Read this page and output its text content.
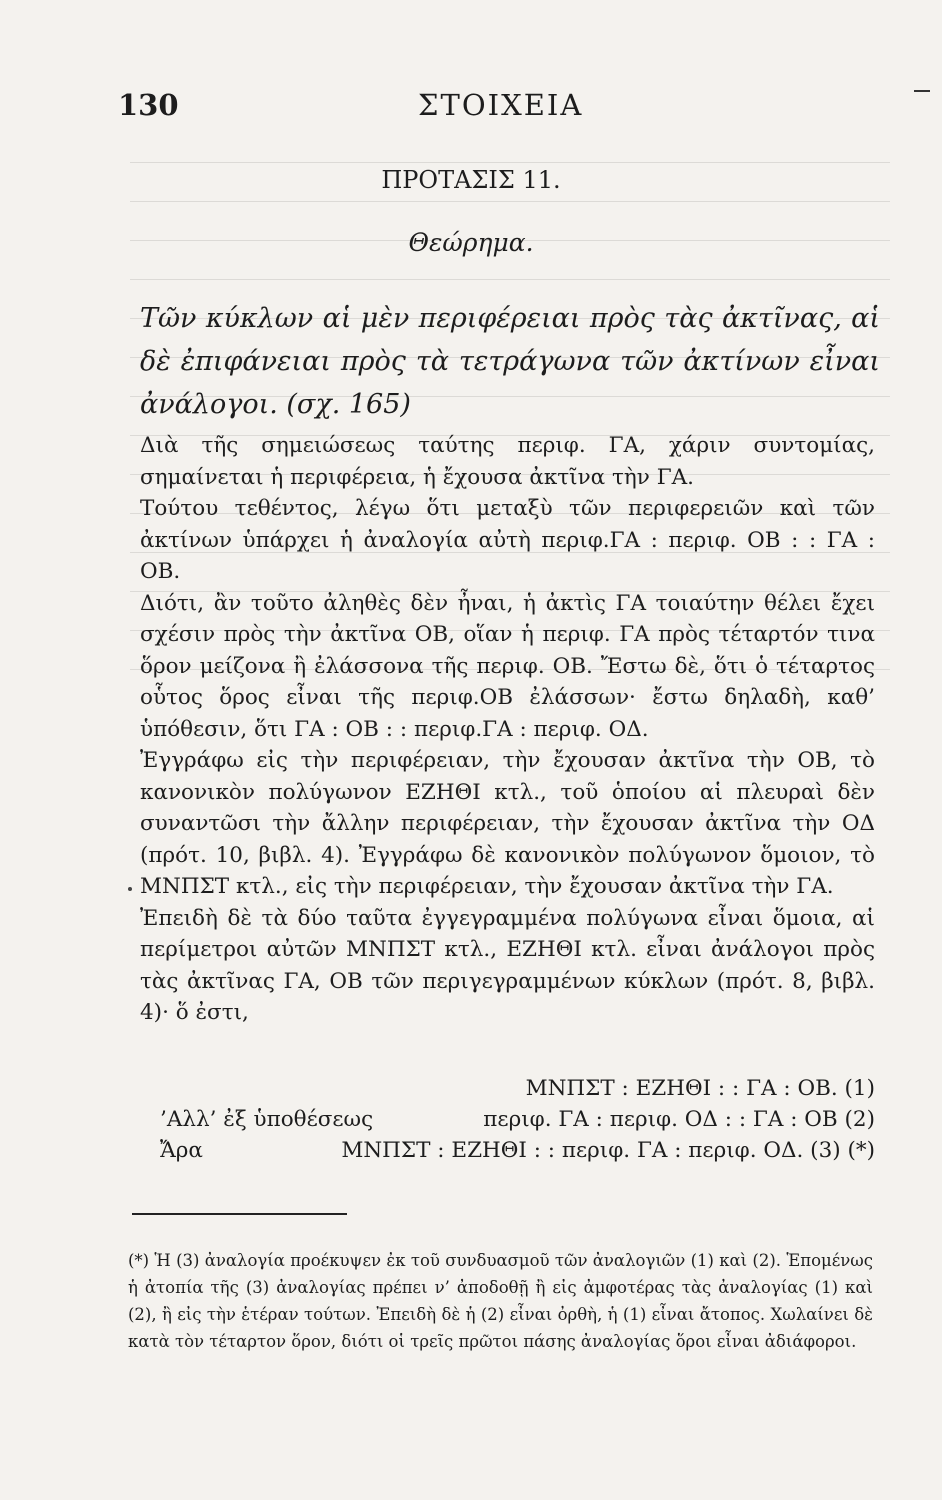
130	ΣΤΟΙΧΕΙΑ
ΠΡΟΤΑΣΙΣ 11.
Θεώρημα.
Τῶν κύκλων αἱ μὲν περιφέρειαι πρὸς τὰς ἀκτῖνας, αἱ δὲ ἐπιφάνειαι πρὸς τὰ τετράγωνα τῶν ἀκτίνων εἶναι ἀνάλογοι. (σχ. 165)

Διὰ τῆς σημειώσεως ταύτης περιφ. ΓΑ, χάριν συντομίας, σημαίνεται ἡ περιφέρεια, ἡ ἔχουσα ἀκτῖνα τὴν ΓΑ.

Τούτου τεθέντος, λέγω ὅτι μεταξὺ τῶν περιφερειῶν καὶ τῶν ἀκτίνων ὑπάρχει ἡ ἀναλογία αὐτὴ περιφ.ΓΑ : περιφ. ΟΒ : : ΓΑ : ΟΒ.

Διότι, ἂν τοῦτο ἀληθὲς δὲν ἦναι, ἡ ἀκτὶς ΓΑ τοιαύτην θέλει ἔχει σχέσιν πρὸς τὴν ἀκτῖνα ΟΒ, οἵαν ἡ περιφ. ΓΑ πρὸς τέταρτόν τινα ὅρον μείζονα ἢ ἐλάσσονα τῆς περιφ. ΟΒ. Ἔστω δὲ, ὅτι ὁ τέταρτος οὗτος ὅρος εἶναι τῆς περιφ.ΟΒ ἐλάσσων· ἔστω δηλαδὴ, καθ’ ὑπόθεσιν, ὅτι ΓΑ : ΟΒ : : περιφ.ΓΑ : περιφ. ΟΔ.

Ἐγγράφω εἰς τὴν περιφέρειαν, τὴν ἔχουσαν ἀκτῖνα τὴν ΟΒ, τὸ κανονικὸν πολύγωνον ΕΖΗΘΙ κτλ., τοῦ ὁποίου αἱ πλευραὶ δὲν συναντῶσι τὴν ἄλλην περιφέρειαν, τὴν ἔχουσαν ἀκτῖνα τὴν ΟΔ (πρότ. 10, βιβλ. 4). Ἐγγράφω δὲ κανονικὸν πολύγωνον ὅμοιον, τὸ ΜΝΠΣΤ κτλ., εἰς τὴν περιφέρειαν, τὴν ἔχουσαν ἀκτῖνα τὴν ΓΑ.

Ἐπειδὴ δὲ τὰ δύο ταῦτα ἐγγεγραμμένα πολύγωνα εἶναι ὅμοια, αἱ περίμετροι αὐτῶν ΜΝΠΣΤ κτλ., ΕΖΗΘΙ κτλ. εἶναι ἀνάλογοι πρὸς τὰς ἀκτῖνας ΓΑ, ΟΒ τῶν περιγεγραμμένων κύκλων (πρότ. 8, βιβλ. 4)· ὅ ἐστι,

ΜΝΠΣΤ : ΕΖΗΘΙ : : ΓΑ : ΟΒ. (1)
’Αλλ’ ἐξ ὑποθέσεως	περιφ. ΓΑ : περιφ. ΟΔ : : ΓΑ : ΟΒ (2)
Ἄρα	ΜΝΠΣΤ : ΕΖΗΘΙ : : περιφ. ΓΑ : περιφ. ΟΔ. (3) (*)

(*) Ἡ (3) ἀναλογία προέκυψεν ἐκ τοῦ συνδυασμοῦ τῶν ἀναλογιῶν (1) καὶ (2). Ἑπομένως ἡ ἀτοπία τῆς (3) ἀναλογίας πρέπει ν’ ἀποδοθῇ ἢ εἰς ἀμφοτέρας τὰς ἀναλογίας (1) καὶ (2), ἢ εἰς τὴν ἑτέραν τούτων. Ἐπειδὴ δὲ ἡ (2) εἶναι ὀρθὴ, ἡ (1) εἶναι ἄτοπος. Χωλαίνει δὲ κατὰ τὸν τέταρτον ὅρον, διότι οἱ τρεῖς πρῶτοι πάσης ἀναλογίας ὅροι εἶναι ἀδιάφοροι.
